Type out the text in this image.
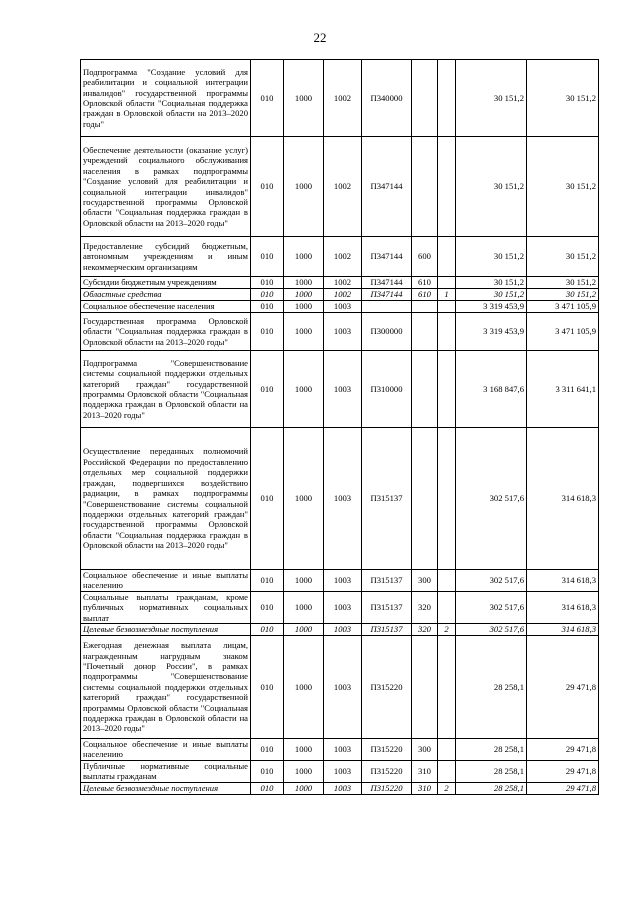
22
Подпрограмма "Создание условий для реабилитации и социальной интеграции инвалидов" государственной программы Орловской области "Социальная поддержка граждан в Орловской области на 2013–2020 годы"	010	1000	1002	П340000			30 151,2	30 151,2
Обеспечение деятельности (оказание услуг) учреждений социального обслуживания населения в рамках подпрограммы "Создание условий для реабилитации и социальной интеграции инвалидов" государственной программы Орловской области "Социальная поддержка граждан в Орловской области на 2013–2020 годы"	010	1000	1002	П347144			30 151,2	30 151,2
Предоставление субсидий бюджетным, автономным учреждениям и иным некоммерческим организациям	010	1000	1002	П347144	600		30 151,2	30 151,2
Субсидии бюджетным учреждениям	010	1000	1002	П347144	610		30 151,2	30 151,2
Областные средства	010	1000	1002	П347144	610	1	30 151,2	30 151,2
Социальное обеспечение населения	010	1000	1003				3 319 453,9	3 471 105,9
Государственная программа Орловской области "Социальная поддержка граждан в Орловской области на 2013–2020 годы"	010	1000	1003	П300000			3 319 453,9	3 471 105,9
Подпрограмма "Совершенствование системы социальной поддержки отдельных категорий граждан" государственной программы Орловской области "Социальная поддержка граждан в Орловской области на 2013–2020 годы"	010	1000	1003	П310000			3 168 847,6	3 311 641,1
Осуществление переданных полномочий Российской Федерации по предоставлению отдельных мер социальной поддержки граждан, подвергшихся воздействию радиации, в рамках подпрограммы "Совершенствование системы социальной поддержки отдельных категорий граждан" государственной программы Орловской области "Социальная поддержка граждан в Орловской области на 2013–2020 годы"	010	1000	1003	П315137			302 517,6	314 618,3
Социальное обеспечение и иные выплаты населению	010	1000	1003	П315137	300		302 517,6	314 618,3
Социальные выплаты гражданам, кроме публичных нормативных социальных выплат	010	1000	1003	П315137	320		302 517,6	314 618,3
Целевые безвозмездные поступления	010	1000	1003	П315137	320	2	302 517,6	314 618,3
Ежегодная денежная выплата лицам, награжденным нагрудным знаком "Почетный донор России", в рамках подпрограммы "Совершенствование системы социальной поддержки отдельных категорий граждан" государственной программы Орловской области "Социальная поддержка граждан в Орловской области на 2013–2020 годы"	010	1000	1003	П315220			28 258,1	29 471,8
Социальное обеспечение и иные выплаты населению	010	1000	1003	П315220	300		28 258,1	29 471,8
Публичные нормативные социальные выплаты гражданам	010	1000	1003	П315220	310		28 258,1	29 471,8
Целевые безвозмездные поступления	010	1000	1003	П315220	310	2	28 258,1	29 471,8
